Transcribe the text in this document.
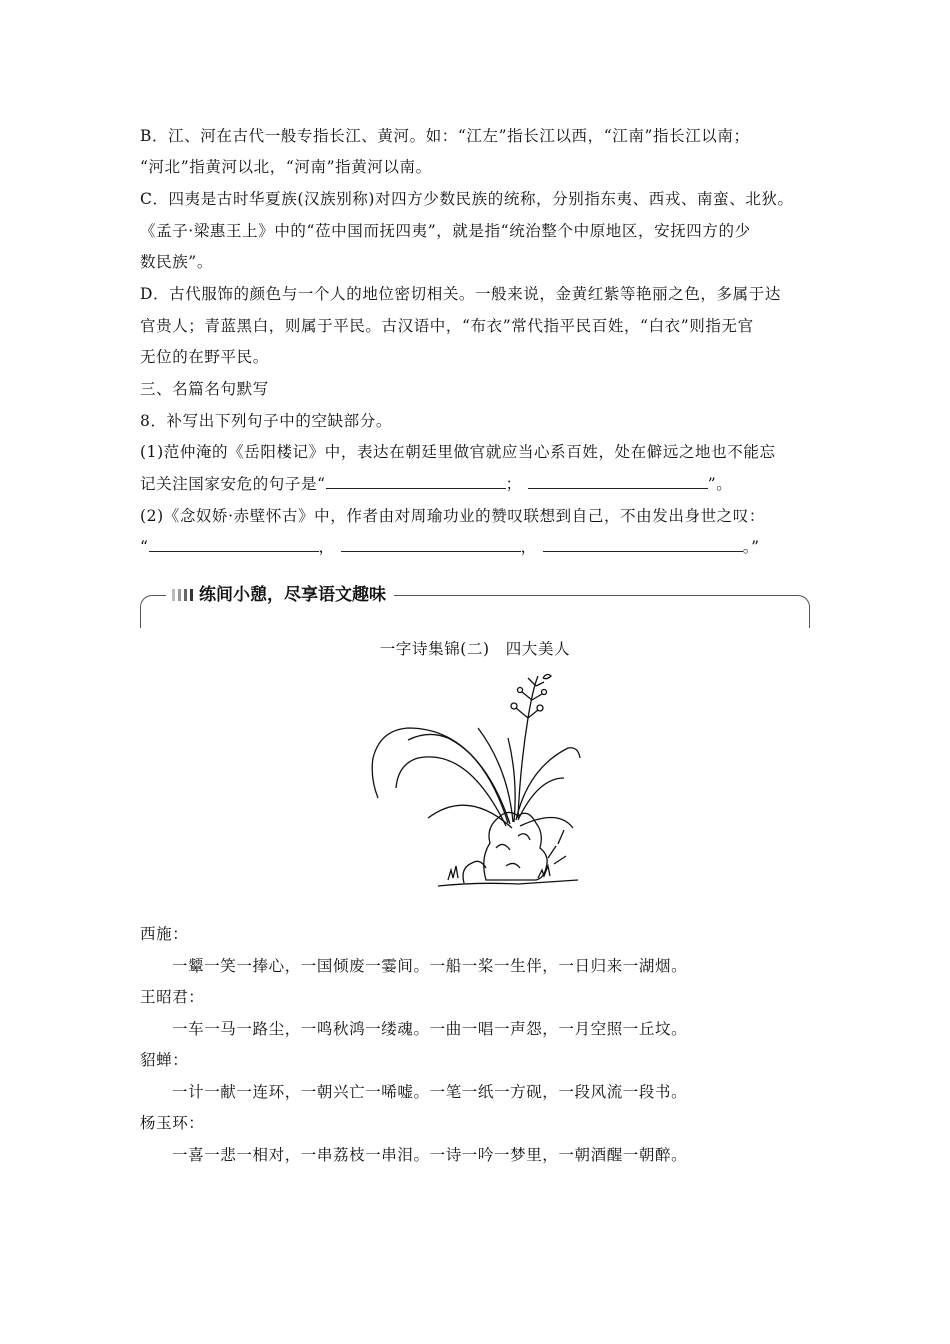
B．江、河在古代一般专指长江、黄河。如：“江左”指长江以西，“江南”指长江以南；
“河北”指黄河以北，“河南”指黄河以南。
C．四夷是古时华夏族(汉族别称)对四方少数民族的统称，分别指东夷、西戎、南蛮、北狄。
《孟子·梁惠王上》中的“莅中国而抚四夷”，就是指“统治整个中原地区，安抚四方的少
数民族”。
D．古代服饰的颜色与一个人的地位密切相关。一般来说，金黄红紫等艳丽之色，多属于达
官贵人；青蓝黑白，则属于平民。古汉语中，“布衣”常代指平民百姓，“白衣”则指无官
无位的在野平民。
三、名篇名句默写
8．补写出下列句子中的空缺部分。
(1)范仲淹的《岳阳楼记》中，表达在朝廷里做官就应当心系百姓，处在僻远之地也不能忘
记关注国家安危的句子是“	；	”。
(2)《念奴娇·赤壁怀古》中，作者由对周瑜功业的赞叹联想到自己，不由发出身世之叹：
“	，	，	。”
练间小憩，尽享语文趣味
一字诗集锦(二)　四大美人
西施：
一颦一笑一捧心，一国倾废一霎间。一船一桨一生伴，一日归来一湖烟。
王昭君：
一车一马一路尘，一鸣秋鸿一缕魂。一曲一唱一声怨，一月空照一丘坟。
貂蝉：
一计一献一连环，一朝兴亡一唏嘘。一笔一纸一方砚，一段风流一段书。
杨玉环：
一喜一悲一相对，一串荔枝一串泪。一诗一吟一梦里，一朝酒醒一朝醉。
